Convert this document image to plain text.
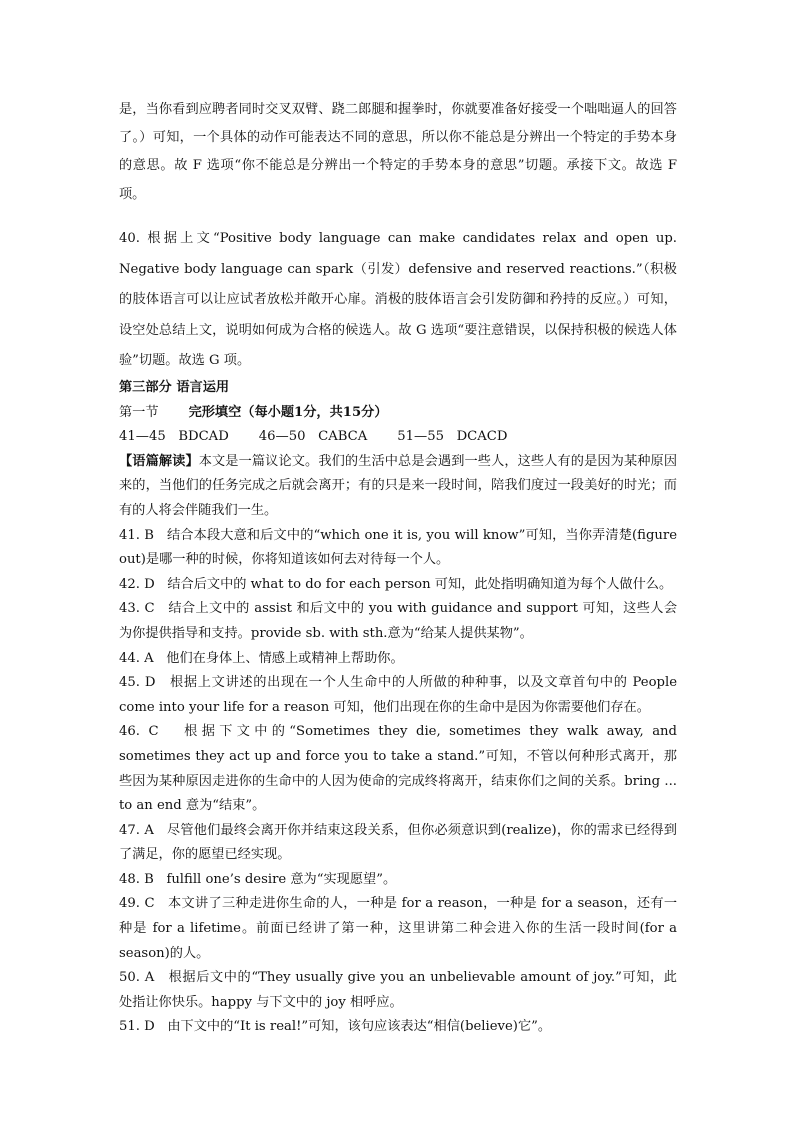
是，当你看到应聘者同时交叉双臂、跷二郎腿和握拳时，你就要准备好接受一个咄咄逼人的回答了。）可知，一个具体的动作可能表达不同的意思，所以你不能总是分辨出一个特定的手势本身的意思。故 F 选项“你不能总是分辨出一个特定的手势本身的意思”切题。承接下文。故选 F 项。

40. 根据上文“Positive body language can make candidates relax and open up. Negative body language can spark（引发）defensive and reserved reactions.”（积极的肢体语言可以让应试者放松并敞开心扉。消极的肢体语言会引发防御和矜持的反应。）可知，设空处总结上文，说明如何成为合格的候选人。故 G 选项“要注意错误，以保持积极的候选人体验”切题。故选 G 项。

第三部分 语言运用

第一节 完形填空（每小题1分，共15分）

41—45 BDCAD 46—50 CABCA 51—55 DCACD

【语篇解读】本文是一篇议论文。我们的生活中总是会遇到一些人，这些人有的是因为某种原因来的，当他们的任务完成之后就会离开；有的只是来一段时间，陪我们度过一段美好的时光；而有的人将会伴随我们一生。

41. B 结合本段大意和后文中的“which one it is, you will know”可知，当你弄清楚(figure out)是哪一种的时候，你将知道该如何去对待每一个人。

42. D 结合后文中的 what to do for each person 可知，此处指明确知道为每个人做什么。

43. C 结合上文中的 assist 和后文中的 you with guidance and support 可知，这些人会为你提供指导和支持。provide sb. with sth.意为“给某人提供某物”。

44. A 他们在身体上、情感上或精神上帮助你。

45. D 根据上文讲述的出现在一个人生命中的人所做的种种事，以及文章首句中的 People come into your life for a reason 可知，他们出现在你的生命中是因为你需要他们存在。

46. C 根据下文中的“Sometimes they die, sometimes they walk away, and sometimes they act up and force you to take a stand.”可知，不管以何种形式离开，那些因为某种原因走进你的生命中的人因为使命的完成终将离开，结束你们之间的关系。bring ... to an end 意为“结束”。

47. A 尽管他们最终会离开你并结束这段关系，但你必须意识到(realize)，你的需求已经得到了满足，你的愿望已经实现。

48. B fulfill one’s desire 意为“实现愿望”。

49. C 本文讲了三种走进你生命的人，一种是 for a reason，一种是 for a season，还有一种是 for a lifetime。前面已经讲了第一种，这里讲第二种会进入你的生活一段时间(for a season)的人。

50. A 根据后文中的“They usually give you an unbelievable amount of joy.”可知，此处指让你快乐。happy 与下文中的 joy 相呼应。

51. D 由下文中的“It is real!”可知，该句应该表达“相信(believe)它”。
